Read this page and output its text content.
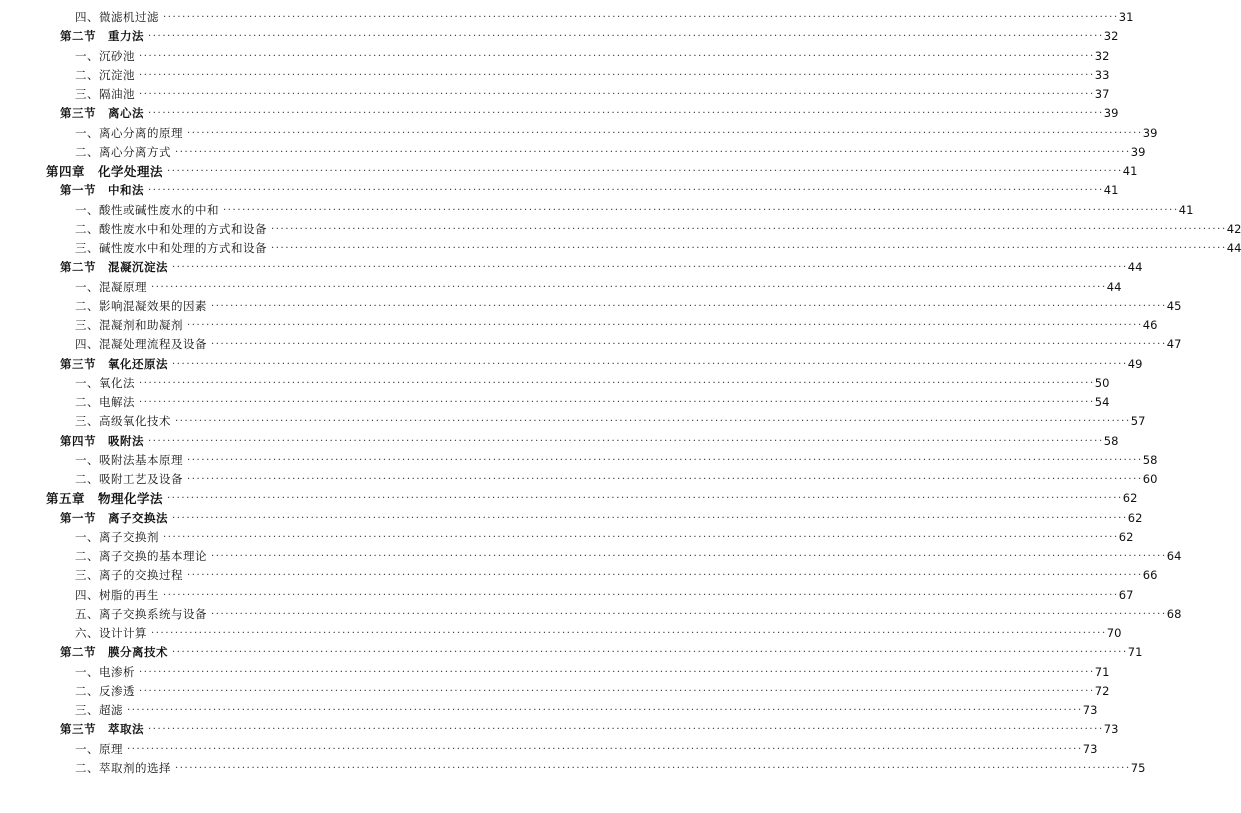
四、微滤机过滤 ········································································································································································································ 31
第二节　重力法 ········································································································································································································ 32
一、沉砂池 ········································································································································································································ 32
二、沉淀池 ········································································································································································································ 33
三、隔油池 ········································································································································································································ 37
第三节　离心法 ········································································································································································································ 39
一、离心分离的原理 ········································································································································································································ 39
二、离心分离方式 ········································································································································································································ 39
第四章　化学处理法 ········································································································································································································ 41
第一节　中和法 ········································································································································································································ 41
一、酸性或碱性废水的中和 ········································································································································································································ 41
二、酸性废水中和处理的方式和设备 ········································································································································································································ 42
三、碱性废水中和处理的方式和设备 ········································································································································································································ 44
第二节　混凝沉淀法 ········································································································································································································ 44
一、混凝原理 ········································································································································································································ 44
二、影响混凝效果的因素 ········································································································································································································ 45
三、混凝剂和助凝剂 ········································································································································································································ 46
四、混凝处理流程及设备 ········································································································································································································ 47
第三节　氧化还原法 ········································································································································································································ 49
一、氧化法 ········································································································································································································ 50
二、电解法 ········································································································································································································ 54
三、高级氧化技术 ········································································································································································································ 57
第四节　吸附法 ········································································································································································································ 58
一、吸附法基本原理 ········································································································································································································ 58
二、吸附工艺及设备 ········································································································································································································ 60
第五章　物理化学法 ········································································································································································································ 62
第一节　离子交换法 ········································································································································································································ 62
一、离子交换剂 ········································································································································································································ 62
二、离子交换的基本理论 ········································································································································································································ 64
三、离子的交换过程 ········································································································································································································ 66
四、树脂的再生 ········································································································································································································ 67
五、离子交换系统与设备 ········································································································································································································ 68
六、设计计算 ········································································································································································································ 70
第二节　膜分离技术 ········································································································································································································ 71
一、电渗析 ········································································································································································································ 71
二、反渗透 ········································································································································································································ 72
三、超滤 ········································································································································································································ 73
第三节　萃取法 ········································································································································································································ 73
一、原理 ········································································································································································································ 73
二、萃取剂的选择 ········································································································································································································ 75
